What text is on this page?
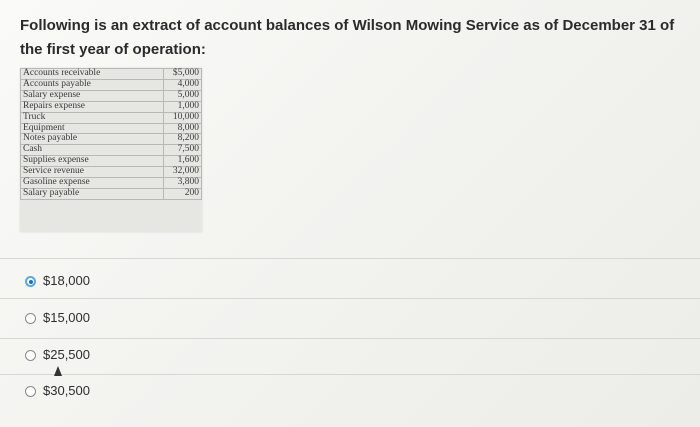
Following is an extract of account balances of Wilson Mowing Service as of December 31 of the first year of operation:
Accounts receivable	$5,000
Accounts payable	4,000
Salary expense	5,000
Repairs expense	1,000
Truck	10,000
Equipment	8,000
Notes payable	8,200
Cash	7,500
Supplies expense	1,600
Service revenue	32,000
Gasoline expense	3,800
Salary payable	200
$18,000
$15,000
$25,500
$30,500
